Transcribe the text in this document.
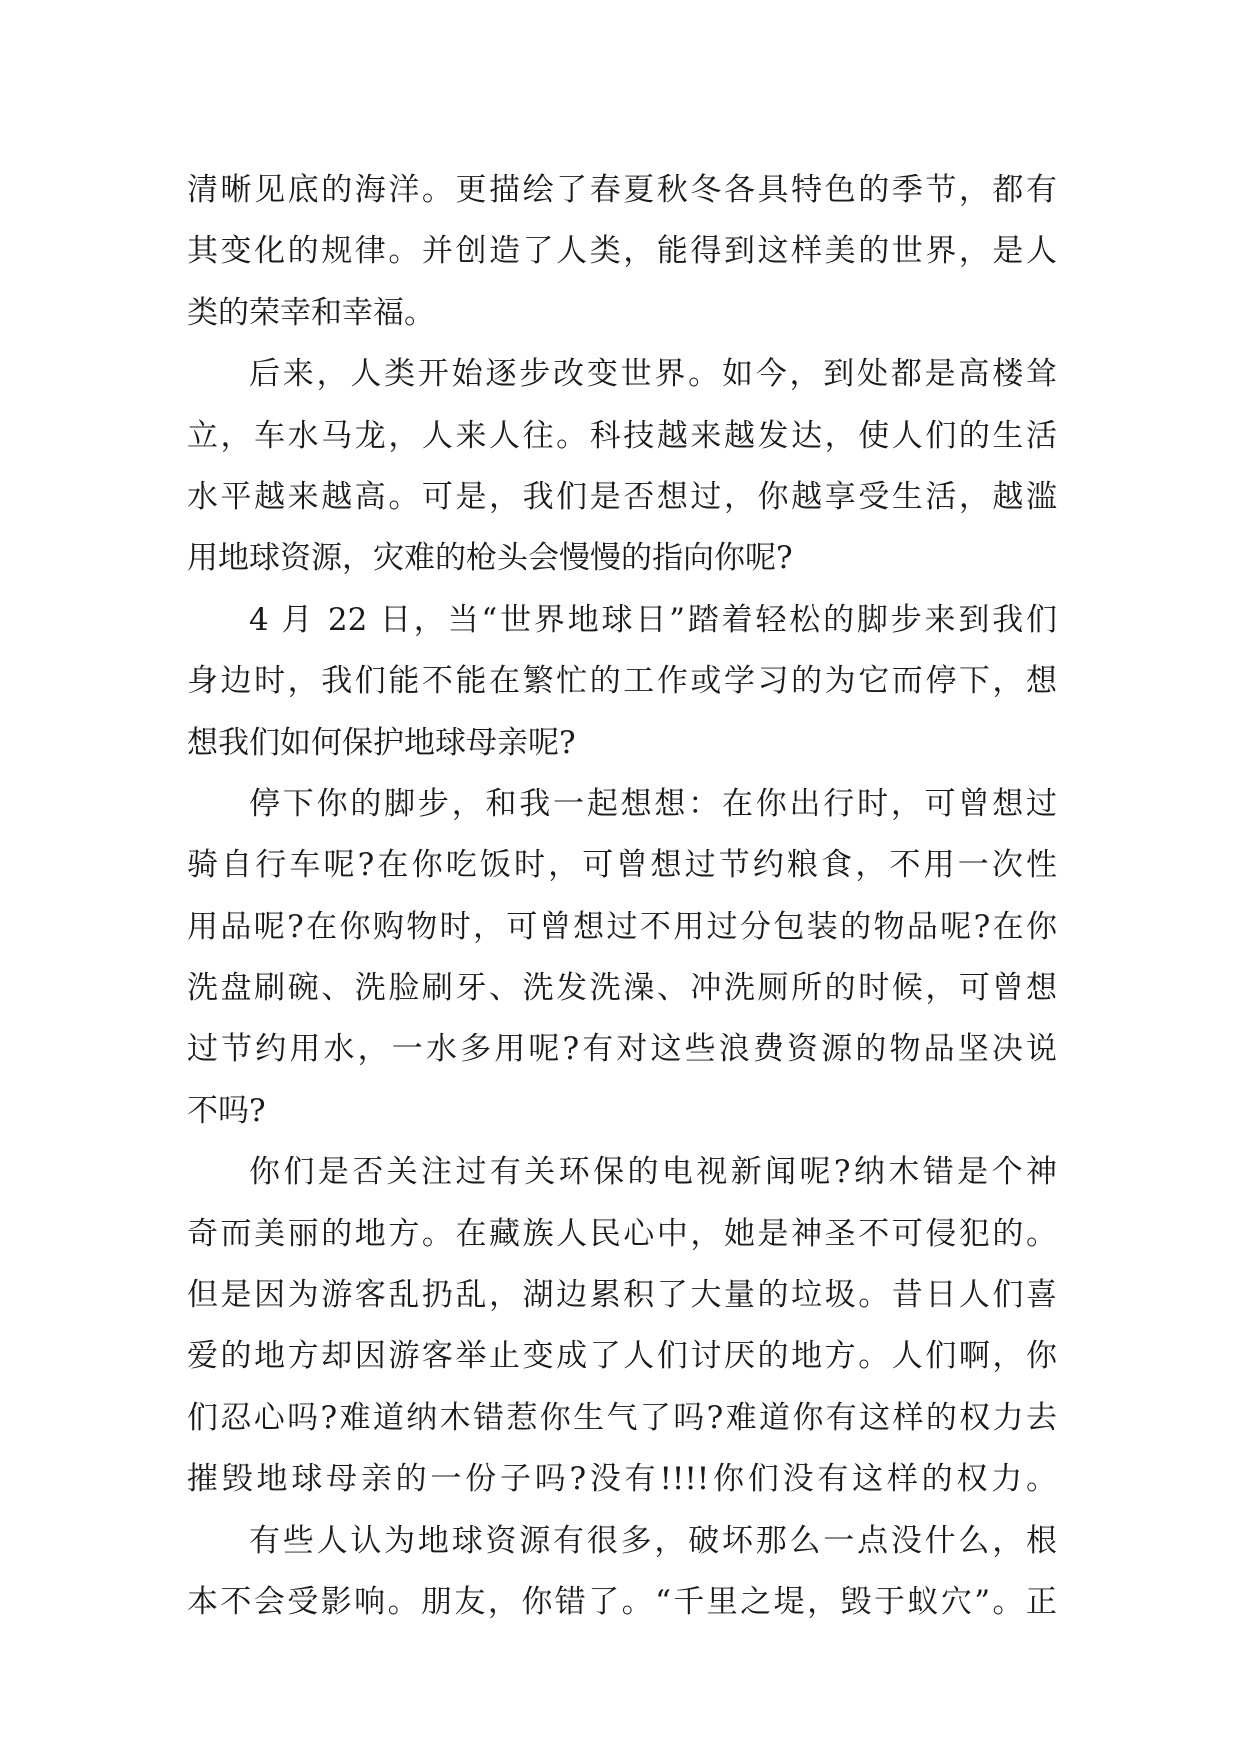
清晰见底的海洋。更描绘了春夏秋冬各具特色的季节，都有
其变化的规律。并创造了人类，能得到这样美的世界，是人
类的荣幸和幸福。
后来，人类开始逐步改变世界。如今，到处都是高楼耸
立，车水马龙，人来人往。科技越来越发达，使人们的生活
水平越来越高。可是，我们是否想过，你越享受生活，越滥
用地球资源，灾难的枪头会慢慢的指向你呢?
4 月 22 日，当“世界地球日”踏着轻松的脚步来到我们
身边时，我们能不能在繁忙的工作或学习的为它而停下，想
想我们如何保护地球母亲呢?
停下你的脚步，和我一起想想：在你出行时，可曾想过
骑自行车呢?在你吃饭时，可曾想过节约粮食，不用一次性
用品呢?在你购物时，可曾想过不用过分包装的物品呢?在你
洗盘刷碗、洗脸刷牙、洗发洗澡、冲洗厕所的时候，可曾想
过节约用水，一水多用呢?有对这些浪费资源的物品坚决说
不吗?
你们是否关注过有关环保的电视新闻呢?纳木错是个神
奇而美丽的地方。在藏族人民心中，她是神圣不可侵犯的。
但是因为游客乱扔乱，湖边累积了大量的垃圾。昔日人们喜
爱的地方却因游客举止变成了人们讨厌的地方。人们啊，你
们忍心吗?难道纳木错惹你生气了吗?难道你有这样的权力去
摧毁地球母亲的一份子吗?没有!!!!你们没有这样的权力。
有些人认为地球资源有很多，破坏那么一点没什么，根
本不会受影响。朋友，你错了。“千里之堤，毁于蚁穴”。正
